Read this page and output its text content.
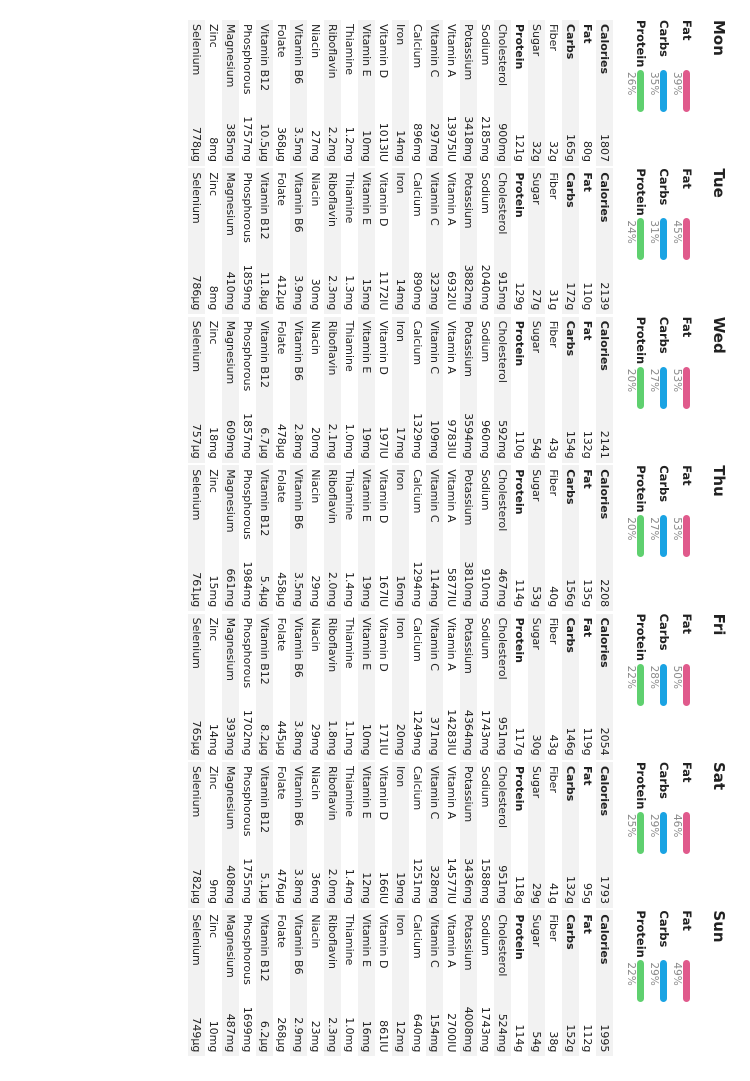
Mon
Fat
39%
Carbs
35%
Protein
26%
Calories
1807
Fat
80g
Carbs
165g
Fiber
32g
Sugar
32g
Protein
121g
Cholesterol
900mg
Sodium
2185mg
Potassium
3418mg
Vitamin A
13975IU
Vitamin C
297mg
Calcium
896mg
Iron
14mg
Vitamin D
1013IU
Vitamin E
10mg
Thiamine
1.2mg
Riboflavin
2.2mg
Niacin
27mg
Vitamin B6
3.5mg
Folate
368µg
Vitamin B12
10.5µg
Phosphorous
1757mg
Magnesium
385mg
Zinc
8mg
Selenium
778µg
Tue
Fat
45%
Carbs
31%
Protein
24%
Calories
2139
Fat
110g
Carbs
172g
Fiber
31g
Sugar
27g
Protein
129g
Cholesterol
915mg
Sodium
2040mg
Potassium
3882mg
Vitamin A
6932IU
Vitamin C
323mg
Calcium
890mg
Iron
14mg
Vitamin D
1172IU
Vitamin E
15mg
Thiamine
1.3mg
Riboflavin
2.3mg
Niacin
30mg
Vitamin B6
3.9mg
Folate
412µg
Vitamin B12
11.8µg
Phosphorous
1859mg
Magnesium
410mg
Zinc
8mg
Selenium
786µg
Wed
Fat
53%
Carbs
27%
Protein
20%
Calories
2141
Fat
132g
Carbs
154g
Fiber
43g
Sugar
54g
Protein
110g
Cholesterol
592mg
Sodium
960mg
Potassium
3594mg
Vitamin A
9783IU
Vitamin C
109mg
Calcium
1329mg
Iron
17mg
Vitamin D
197IU
Vitamin E
19mg
Thiamine
1.0mg
Riboflavin
2.1mg
Niacin
20mg
Vitamin B6
2.8mg
Folate
478µg
Vitamin B12
6.7µg
Phosphorous
1857mg
Magnesium
609mg
Zinc
18mg
Selenium
757µg
Thu
Fat
53%
Carbs
27%
Protein
20%
Calories
2208
Fat
135g
Carbs
156g
Fiber
40g
Sugar
53g
Protein
114g
Cholesterol
467mg
Sodium
910mg
Potassium
3810mg
Vitamin A
5877IU
Vitamin C
114mg
Calcium
1294mg
Iron
16mg
Vitamin D
167IU
Vitamin E
19mg
Thiamine
1.4mg
Riboflavin
2.0mg
Niacin
29mg
Vitamin B6
3.5mg
Folate
458µg
Vitamin B12
5.4µg
Phosphorous
1984mg
Magnesium
661mg
Zinc
15mg
Selenium
761µg
Fri
Fat
50%
Carbs
28%
Protein
22%
Calories
2054
Fat
119g
Carbs
146g
Fiber
43g
Sugar
30g
Protein
117g
Cholesterol
951mg
Sodium
1743mg
Potassium
4364mg
Vitamin A
14283IU
Vitamin C
371mg
Calcium
1249mg
Iron
20mg
Vitamin D
171IU
Vitamin E
10mg
Thiamine
1.1mg
Riboflavin
1.8mg
Niacin
29mg
Vitamin B6
3.8mg
Folate
445µg
Vitamin B12
8.2µg
Phosphorous
1702mg
Magnesium
393mg
Zinc
14mg
Selenium
765µg
Sat
Fat
46%
Carbs
29%
Protein
25%
Calories
1793
Fat
95g
Carbs
132g
Fiber
41g
Sugar
29g
Protein
118g
Cholesterol
951mg
Sodium
1588mg
Potassium
3436mg
Vitamin A
14577IU
Vitamin C
328mg
Calcium
1251mg
Iron
19mg
Vitamin D
166IU
Vitamin E
12mg
Thiamine
1.4mg
Riboflavin
2.0mg
Niacin
36mg
Vitamin B6
3.8mg
Folate
476µg
Vitamin B12
5.1µg
Phosphorous
1755mg
Magnesium
408mg
Zinc
9mg
Selenium
782µg
Sun
Fat
49%
Carbs
29%
Protein
22%
Calories
1995
Fat
112g
Carbs
152g
Fiber
38g
Sugar
54g
Protein
114g
Cholesterol
524mg
Sodium
1743mg
Potassium
4008mg
Vitamin A
2700IU
Vitamin C
154mg
Calcium
640mg
Iron
12mg
Vitamin D
861IU
Vitamin E
16mg
Thiamine
1.0mg
Riboflavin
2.3mg
Niacin
23mg
Vitamin B6
2.9mg
Folate
268µg
Vitamin B12
6.2µg
Phosphorous
1699mg
Magnesium
487mg
Zinc
10mg
Selenium
749µg
